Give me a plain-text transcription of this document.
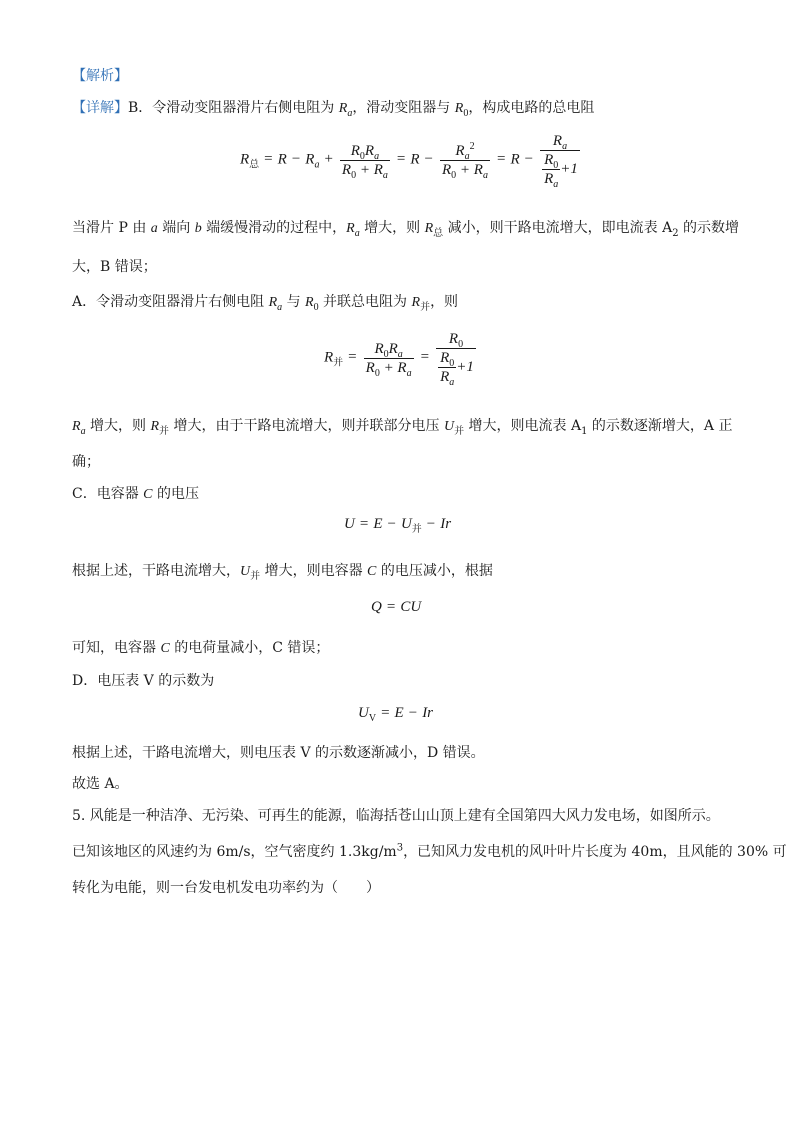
【解析】
【详解】B．令滑动变阻器滑片右侧电阻为 $R_a$，滑动变阻器与 $R_0$，构成电路的总电阻
$R_总 = R - R_a + \frac{R_0R_a}{R_0 + R_a} = R - \frac{R_a^2}{R_0 + R_a} = R - \frac{R_a}{\frac{R_0}{R_a} +1}$
当滑片 P 由 a 端向 b 端缓慢滑动的过程中，$R_a$ 增大，则 $R_总$ 减小，则干路电流增大，即电流表 $A_2$ 的示数增
大，B 错误；
A．令滑动变阻器滑片右侧电阻 $R_a$ 与 $R_0$ 并联总电阻为 $R_并$，则
$R_并 = \frac{R_0R_a}{R_0 + R_a} = \frac{R_0}{\frac{R_0}{R_a} +1}$
$R_a$ 增大，则 $R_并$ 增大，由于干路电流增大，则并联部分电压 $U_并$ 增大，则电流表 $A_1$ 的示数逐渐增大，A 正
确；
C．电容器 C 的电压
$U = E - U_并 - Ir$
根据上述，干路电流增大，$U_并$ 增大，则电容器 C 的电压减小，根据
Q = CU
可知，电容器 C 的电荷量减小，C 错误；
D．电压表 V 的示数为
$U_V = E - Ir$
根据上述，干路电流增大，则电压表 V 的示数逐渐减小，D 错误。
故选 A。
5. 风能是一种洁净、无污染、可再生的能源，临海括苍山山顶上建有全国第四大风力发电场，如图所示。
已知该地区的风速约为 6m/s，空气密度约 $1.3kg/m^3$，已知风力发电机的风叶叶片长度为 40m，且风能的 30% 可
转化为电能，则一台发电机发电功率约为（　　）
